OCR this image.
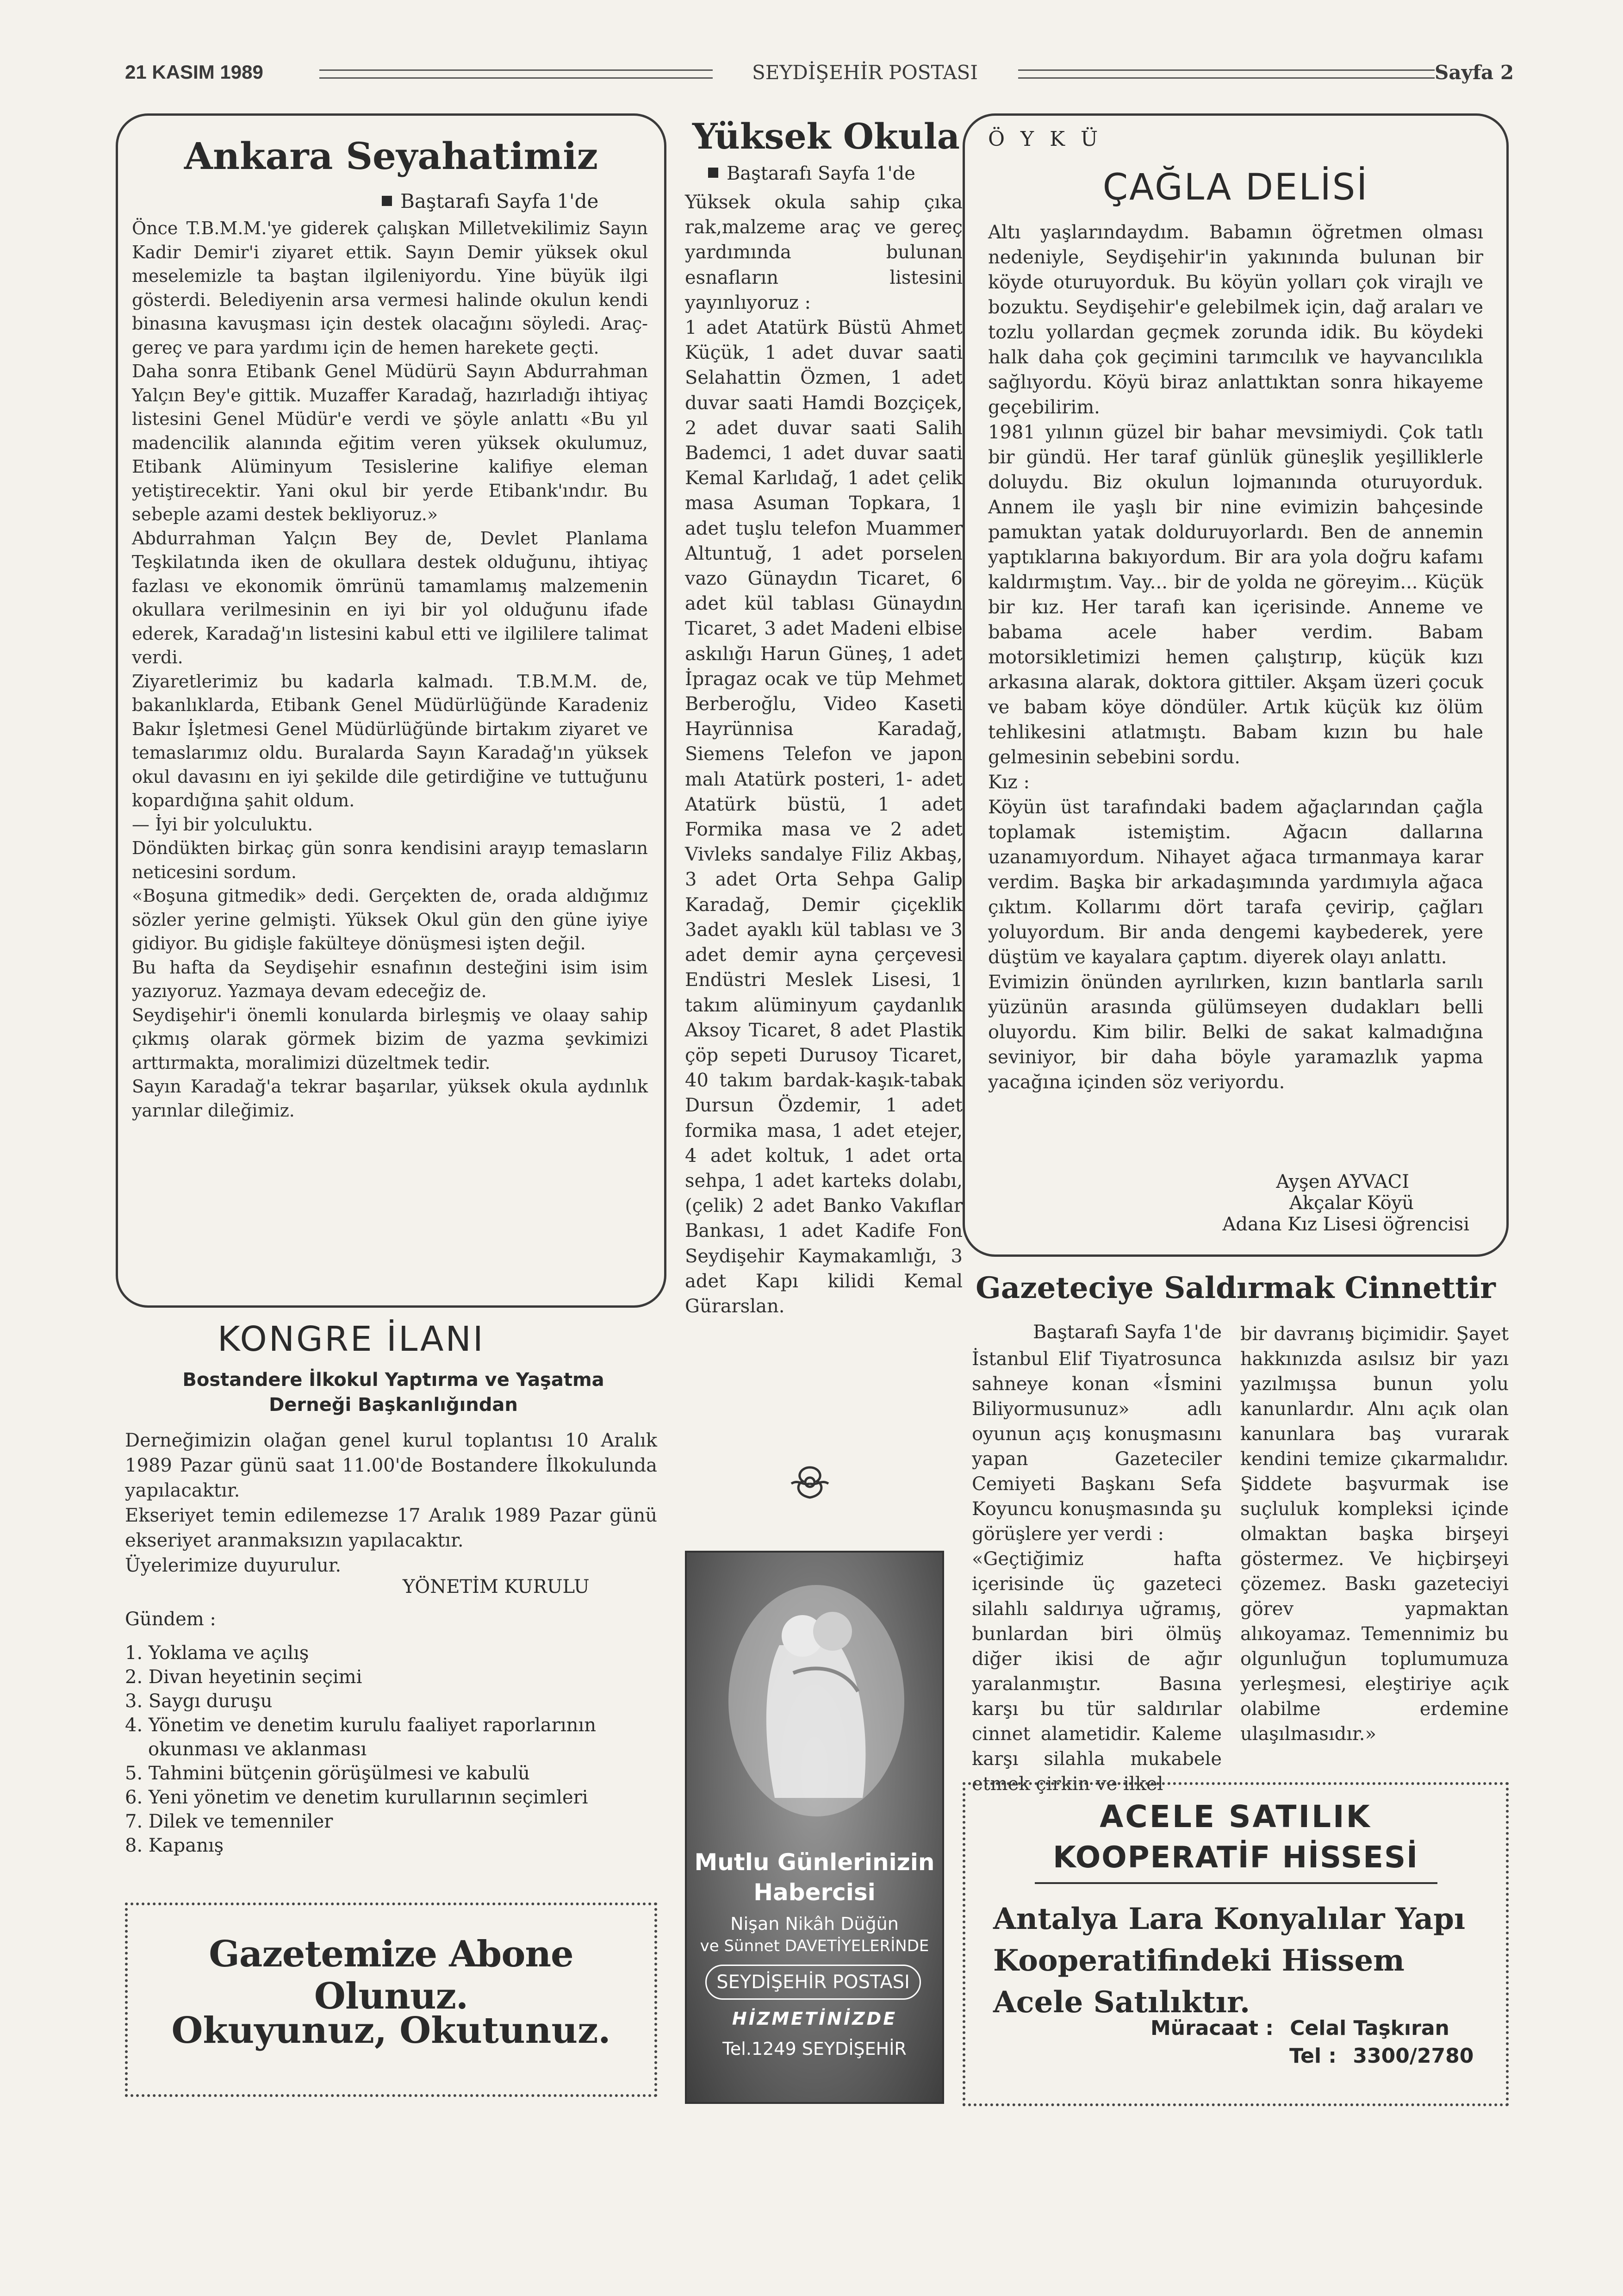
21 KASIM 1989	SEYDİŞEHİR POSTASI	Sayfa 2
Ankara Seyahatimiz
Baştarafı Sayfa 1'de
Önce T.B.M.M.'ye giderek çalışkan Milletvekilimiz Sayın Kadir Demir'i ziyaret ettik. Sayın Demir yüksek okul meselemizle ta baştan ilgileniyordu. Yine büyük ilgi gösterdi. Belediyenin arsa vermesi halinde okulun kendi binasına kavuşması için destek olacağını söyledi. Araç-gereç ve para yardımı için de hemen harekete geçti.
Daha sonra Etibank Genel Müdürü Sayın Abdurrahman Yalçın Bey'e gittik. Muzaffer Karadağ, hazırladığı ihtiyaç listesini Genel Müdür'e verdi ve şöyle anlattı «Bu yıl madencilik alanında eğitim veren yüksek okulumuz, Etibank Alüminyum Tesislerine kalifiye eleman yetiştirecektir. Yani okul bir yerde Etibank'ındır. Bu sebeple azami destek bekliyoruz.»
Abdurrahman Yalçın Bey de, Devlet Planlama Teşkilatında iken de okullara destek olduğunu, ihtiyaç fazlası ve ekonomik ömrünü tamamlamış malzemenin okullara verilmesinin en iyi bir yol olduğunu ifade ederek, Karadağ'ın listesini kabul etti ve ilgililere talimat verdi.
Ziyaretlerimiz bu kadarla kalmadı. T.B.M.M. de, bakanlıklarda, Etibank Genel Müdürlüğünde Karadeniz Bakır İşletmesi Genel Müdürlüğünde birtakım ziyaret ve temaslarımız oldu. Buralarda Sayın Karadağ'ın yüksek okul davasını en iyi şekilde dile getirdiğine ve tuttuğunu kopardığına şahit oldum.
— İyi bir yolculuktu.
Döndükten birkaç gün sonra kendisini arayıp temasların neticesini sordum.
«Boşuna gitmedik» dedi. Gerçekten de, orada aldığımız sözler yerine gelmişti. Yüksek Okul gün den güne iyiye gidiyor. Bu gidişle fakülteye dönüşmesi işten değil.
Bu hafta da Seydişehir esnafının desteğini isim isim yazıyoruz. Yazmaya devam edeceğiz de.
Seydişehir'i önemli konularda birleşmiş ve olaay sahip çıkmış olarak görmek bizim de yazma şevkimizi arttırmakta, moralimizi düzeltmek tedir.
Sayın Karadağ'a tekrar başarılar, yüksek okula aydınlık yarınlar dileğimiz.
KONGRE İLANI
Bostandere İlkokul Yaptırma ve Yaşatma
Derneği Başkanlığından
Derneğimizin olağan genel kurul toplantısı 10 Aralık 1989 Pazar günü saat 11.00'de Bostandere İlkokulunda yapılacaktır.
Ekseriyet temin edilemezse 17 Aralık 1989 Pazar günü ekseriyet aranmaksızın yapılacaktır.
Üyelerimize duyurulur.
YÖNETİM KURULU
Gündem :
1. Yoklama ve açılış
2. Divan heyetinin seçimi
3. Saygı duruşu
4. Yönetim ve denetim kurulu faaliyet raporlarının okunması ve aklanması
5. Tahmini bütçenin görüşülmesi ve kabulü
6. Yeni yönetim ve denetim kurullarının seçimleri
7. Dilek ve temenniler
8. Kapanış
Gazetemize Abone Olunuz.
Okuyunuz, Okutunuz.
Yüksek Okula
Baştarafı Sayfa 1'de
Yüksek okula sahip çıka rak,malzeme araç ve gereç yardımında bulunan esnafların listesini yayınlıyoruz :
1 adet Atatürk Büstü Ahmet Küçük, 1 adet duvar saati Selahattin Özmen, 1 adet duvar saati Hamdi Bozçiçek, 2 adet duvar saati Salih Bademci, 1 adet duvar saati Kemal Karlıdağ, 1 adet çelik masa Asuman Topkara, 1 adet tuşlu telefon Muammer Altuntuğ, 1 adet porselen vazo Günaydın Ticaret, 6 adet kül tablası Günaydın Ticaret, 3 adet Madeni elbise askılığı Harun Güneş, 1 adet İpragaz ocak ve tüp Mehmet Berberoğlu, Video Kaseti Hayrünnisa Karadağ, Siemens Telefon ve japon malı Atatürk posteri, 1- adet Atatürk büstü, 1 adet Formika masa ve 2 adet Vivleks sandalye Filiz Akbaş, 3 adet Orta Sehpa Galip Karadağ, Demir çiçeklik 3adet ayaklı kül tablası ve 3 adet demir ayna çerçevesi Endüstri Meslek Lisesi, 1 takım alüminyum çaydanlık Aksoy Ticaret, 8 adet Plastik çöp sepeti Durusoy Ticaret, 40 takım bardak-kaşık-tabak Dursun Özdemir, 1 adet formika masa, 1 adet etejer, 4 adet koltuk, 1 adet orta sehpa, 1 adet karteks dolabı, (çelik) 2 adet Banko Vakıflar Bankası, 1 adet Kadife Fon Seydişehir Kaymakamlığı, 3 adet Kapı kilidi Kemal Gürarslan.
Mutlu Günlerinizin
Habercisi
Nişan Nikâh Düğün
ve Sünnet DAVETİYELERİNDE
SEYDİŞEHİR POSTASI
HİZMETİNİZDE
Tel.1249 SEYDİŞEHİR
Ö Y K Ü
ÇAĞLA DELİSİ
Altı yaşlarındaydım. Babamın öğretmen olması nedeniyle, Seydişehir'in yakınında bulunan bir köyde oturuyorduk. Bu köyün yolları çok virajlı ve bozuktu. Seydişehir'e gelebilmek için, dağ araları ve tozlu yollardan geçmek zorunda idik. Bu köydeki halk daha çok geçimini tarımcılık ve hayvancılıkla sağlıyordu. Köyü biraz anlattıktan sonra hikayeme geçebilirim.
1981 yılının güzel bir bahar mevsimiydi. Çok tatlı bir gündü. Her taraf günlük güneşlik yeşilliklerle doluydu. Biz okulun lojmanında oturuyorduk. Annem ile yaşlı bir nine evimizin bahçesinde pamuktan yatak dolduruyorlardı. Ben de annemin yaptıklarına bakıyordum. Bir ara yola doğru kafamı kaldırmıştım. Vay... bir de yolda ne göreyim... Küçük bir kız. Her tarafı kan içerisinde. Anneme ve babama acele haber verdim. Babam motorsikletimizi hemen çalıştırıp, küçük kızı arkasına alarak, doktora gittiler. Akşam üzeri çocuk ve babam köye döndüler. Artık küçük kız ölüm tehlikesini atlatmıştı. Babam kızın bu hale gelmesinin sebebini sordu.
Kız :
Köyün üst tarafındaki badem ağaçlarından çağla toplamak istemiştim. Ağacın dallarına uzanamıyordum. Nihayet ağaca tırmanmaya karar verdim. Başka bir arkadaşımında yardımıyla ağaca çıktım. Kollarımı dört tarafa çevirip, çağları yoluyordum. Bir anda dengemi kaybederek, yere düştüm ve kayalara çaptım. diyerek olayı anlattı.
Evimizin önünden ayrılırken, kızın bantlarla sarılı yüzünün arasında gülümseyen dudakları belli oluyordu. Kim bilir. Belki de sakat kalmadığına seviniyor, bir daha böyle yaramazlık yapma yacağına içinden söz veriyordu.
Ayşen AYVACI
Akçalar Köyü
Adana Kız Lisesi öğrencisi
Gazeteciye Saldırmak Cinnettir
Baştarafı Sayfa 1'de
İstanbul Elif Tiyatrosunca sahneye konan «İsmini Biliyormusunuz» adlı oyunun açış konuşmasını yapan Gazeteciler Cemiyeti Başkanı Sefa Koyuncu konuşmasında şu görüşlere yer verdi :
«Geçtiğimiz hafta içerisinde üç gazeteci silahlı saldırıya uğramış, bunlardan biri ölmüş diğer ikisi de ağır yaralanmıştır. Basına karşı bu tür saldırılar cinnet alametidir. Kaleme karşı silahla mukabele etmek çirkin ve ilkel
bir davranış biçimidir. Şayet hakkınızda asılsız bir yazı yazılmışsa bunun yolu kanunlardır. Alnı açık olan kanunlara baş vurarak kendini temize çıkarmalıdır. Şiddete başvurmak ise suçluluk kompleksi içinde olmaktan başka birşeyi göstermez. Ve hiçbirşeyi çözemez. Baskı gazeteciyi görev yapmaktan alıkoyamaz. Temennimiz bu olgunluğun toplumumuza yerleşmesi, eleştiriye açık olabilme erdemine ulaşılmasıdır.»
ACELE SATILIK
KOOPERATİF HİSSESİ
Antalya Lara Konyalılar Yapı Kooperatifindeki Hissem Acele Satılıktır.
Müracaat : Celal Taşkıran
Tel : 3300/2780
